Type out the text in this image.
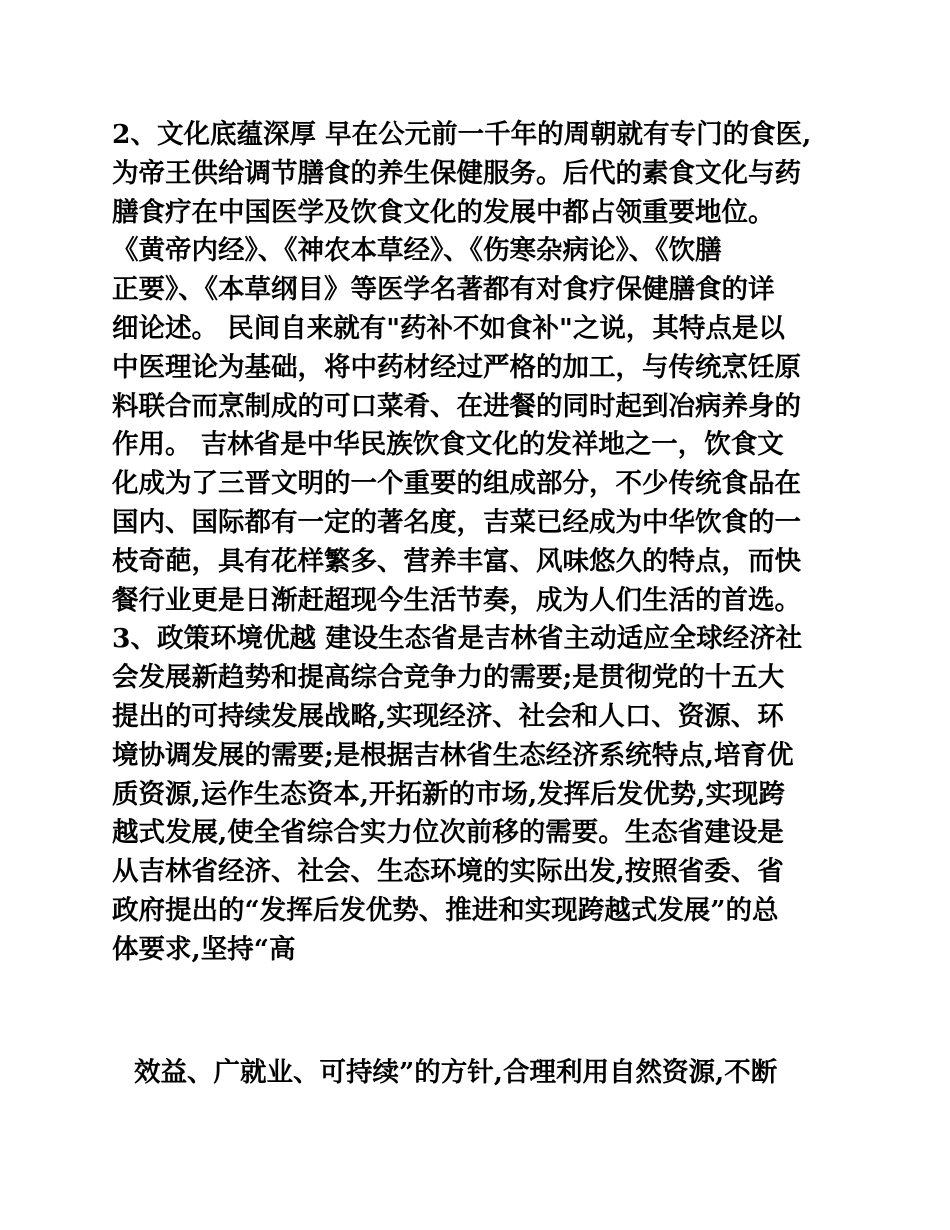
2、文化底蕴深厚 早在公元前一千年的周朝就有专门的食医,
为帝王供给调节膳食的养生保健服务。后代的素食文化与药
膳食疗在中国医学及饮食文化的发展中都占领重要地位。
《黄帝内经》、《神农本草经》、《伤寒杂病论》、《饮膳
正要》、《本草纲目》等医学名著都有对食疗保健膳食的详
细论述。 民间自来就有"药补不如食补"之说，其特点是以
中医理论为基础，将中药材经过严格的加工，与传统烹饪原
料联合而烹制成的可口菜肴、在进餐的同时起到冶病养身的
作用。 吉林省是中华民族饮食文化的发祥地之一，饮食文
化成为了三晋文明的一个重要的组成部分，不少传统食品在
国内、国际都有一定的著名度，吉菜已经成为中华饮食的一
枝奇葩，具有花样繁多、营养丰富、风味悠久的特点，而快
餐行业更是日渐赶超现今生活节奏，成为人们生活的首选。
3、政策环境优越 建设生态省是吉林省主动适应全球经济社
会发展新趋势和提高综合竞争力的需要;是贯彻党的十五大
提出的可持续发展战略,实现经济、社会和人口、资源、环
境协调发展的需要;是根据吉林省生态经济系统特点,培育优
质资源,运作生态资本,开拓新的市场,发挥后发优势,实现跨
越式发展,使全省综合实力位次前移的需要。生态省建设是
从吉林省经济、社会、生态环境的实际出发,按照省委、省
政府提出的“发挥后发优势、推进和实现跨越式发展”的总
体要求,坚持“高
效益、广就业、可持续”的方针,合理利用自然资源,不断
